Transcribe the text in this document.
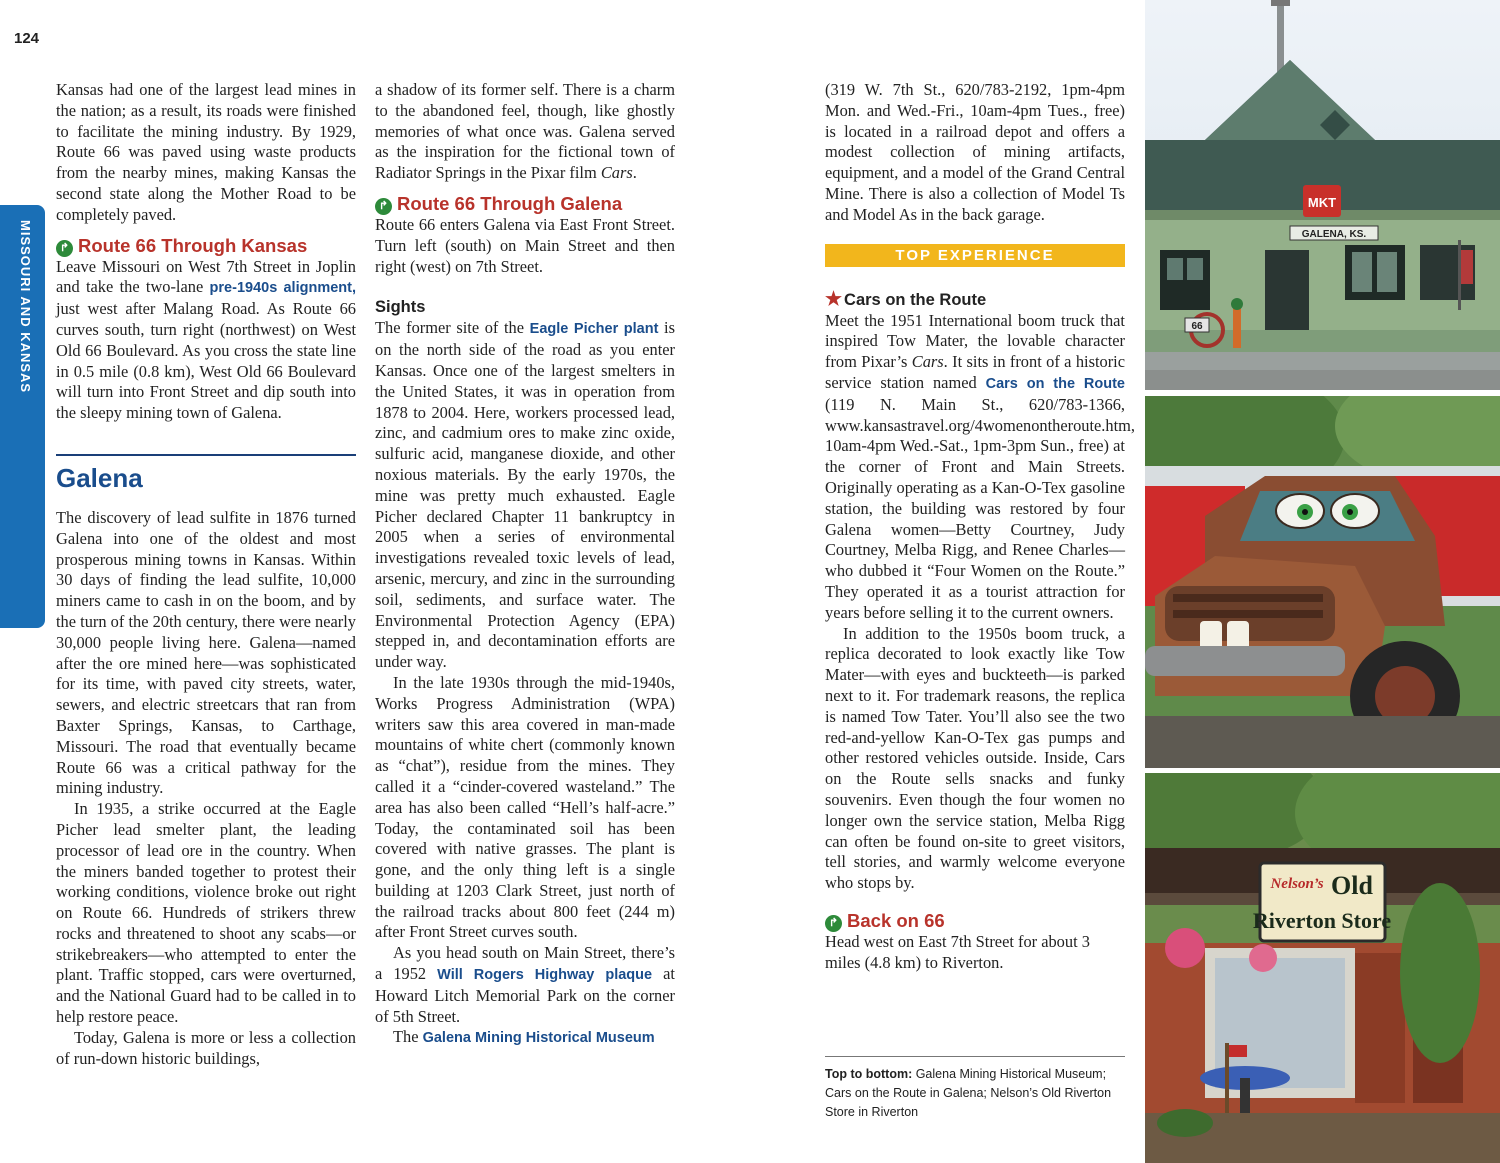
124
MISSOURI AND KANSAS

Kansas had one of the largest lead mines in the nation; as a result, its roads were finished to facilitate the mining industry. By 1929, Route 66 was paved using waste products from the nearby mines, making Kansas the second state along the Mother Road to be completely paved.

↱ Route 66 Through Kansas

Leave Missouri on West 7th Street in Joplin and take the two-lane pre-1940s alignment, just west after Malang Road. As Route 66 curves south, turn right (northwest) on West Old 66 Boulevard. As you cross the state line in 0.5 mile (0.8 km), West Old 66 Boulevard will turn into Front Street and dip south into the sleepy mining town of Galena.

Galena

The discovery of lead sulfite in 1876 turned Galena into one of the oldest and most prosperous mining towns in Kansas. Within 30 days of finding the lead sulfite, 10,000 miners came to cash in on the boom, and by the turn of the 20th century, there were nearly 30,000 people living here. Galena—named after the ore mined here—was sophisticated for its time, with paved city streets, water, sewers, and electric streetcars that ran from Baxter Springs, Kansas, to Carthage, Missouri. The road that eventually became Route 66 was a critical pathway for the mining industry.

In 1935, a strike occurred at the Eagle Picher lead smelter plant, the leading processor of lead ore in the country. When the miners banded together to protest their working conditions, violence broke out right on Route 66. Hundreds of strikers threw rocks and threatened to shoot any scabs—or strikebreakers—who attempted to enter the plant. Traffic stopped, cars were overturned, and the National Guard had to be called in to help restore peace.

Today, Galena is more or less a collection of run-down historic buildings,

a shadow of its former self. There is a charm to the abandoned feel, though, like ghostly memories of what once was. Galena served as the inspiration for the fictional town of Radiator Springs in the Pixar film Cars.

↱ Route 66 Through Galena

Route 66 enters Galena via East Front Street. Turn left (south) on Main Street and then right (west) on 7th Street.

Sights

The former site of the Eagle Picher plant is on the north side of the road as you enter Kansas. Once one of the largest smelters in the United States, it was in operation from 1878 to 2004. Here, workers processed lead, zinc, and cadmium ores to make zinc oxide, sulfuric acid, manganese dioxide, and other noxious materials. By the early 1970s, the mine was pretty much exhausted. Eagle Picher declared Chapter 11 bankruptcy in 2005 when a series of environmental investigations revealed toxic levels of lead, arsenic, mercury, and zinc in the surrounding soil, sediments, and surface water. The Environmental Protection Agency (EPA) stepped in, and decontamination efforts are under way.

In the late 1930s through the mid-1940s, Works Progress Administration (WPA) writers saw this area covered in man-made mountains of white chert (commonly known as “chat”), residue from the mines. They called it a “cinder-covered wasteland.” The area has also been called “Hell’s half-acre.” Today, the contaminated soil has been covered with native grasses. The plant is gone, and the only thing left is a single building at 1203 Clark Street, just north of the railroad tracks about 800 feet (244 m) after Front Street curves south.

As you head south on Main Street, there’s a 1952 Will Rogers Highway plaque at Howard Litch Memorial Park on the corner of 5th Street.

The Galena Mining Historical Museum

(319 W. 7th St., 620/783-2192, 1pm-4pm Mon. and Wed.-Fri., 10am-4pm Tues., free) is located in a railroad depot and offers a modest collection of mining artifacts, equipment, and a model of the Grand Central Mine. There is also a collection of Model Ts and Model As in the back garage.

TOP EXPERIENCE
★ Cars on the Route

Meet the 1951 International boom truck that inspired Tow Mater, the lovable character from Pixar’s Cars. It sits in front of a historic service station named Cars on the Route (119 N. Main St., 620/783-1366, www.kansastravel.org/4womenontheroute.htm, 10am-4pm Wed.-Sat., 1pm-3pm Sun., free) at the corner of Front and Main Streets. Originally operating as a Kan-O-Tex gasoline station, the building was restored by four Galena women—Betty Courtney, Judy Courtney, Melba Rigg, and Renee Charles—who dubbed it “Four Women on the Route.” They operated it as a tourist attraction for years before selling it to the current owners.

In addition to the 1950s boom truck, a replica decorated to look exactly like Tow Mater—with eyes and buckteeth—is parked next to it. For trademark reasons, the replica is named Tow Tater. You’ll also see the two red-and-yellow Kan-O-Tex gas pumps and other restored vehicles outside. Inside, Cars on the Route sells snacks and funky souvenirs. Even though the four women no longer own the service station, Melba Rigg can often be found on-site to greet visitors, tell stories, and warmly welcome everyone who stops by.

↱ Back on 66

Head west on East 7th Street for about 3 miles (4.8 km) to Riverton.

Top to bottom: Galena Mining Historical Museum; Cars on the Route in Galena; Nelson’s Old Riverton Store in Riverton
MKT
GALENA, KS.
66
Nelson’s Old
Riverton Store
